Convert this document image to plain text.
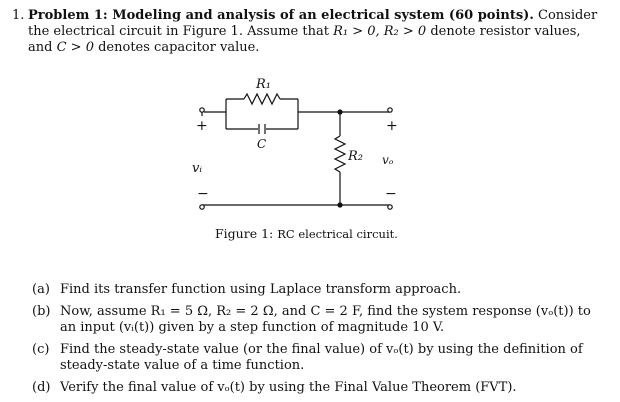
1. Problem 1: Modeling and analysis of an electrical system (60 points). Consider the electrical circuit in Figure 1. Assume that R₁ > 0, R₂ > 0 denote resistor values, and C > 0 denotes capacitor value.
R₁
C
R₂
+
vᵢ
−
+
vₒ
−
Figure 1: RC electrical circuit.
(a) Find its transfer function using Laplace transform approach.
(b) Now, assume R₁ = 5 Ω, R₂ = 2 Ω, and C = 2 F, find the system response (vₒ(t)) to an input (vᵢ(t)) given by a step function of magnitude 10 V.
(c) Find the steady-state value (or the final value) of vₒ(t) by using the definition of steady-state value of a time function.
(d) Verify the final value of vₒ(t) by using the Final Value Theorem (FVT).
